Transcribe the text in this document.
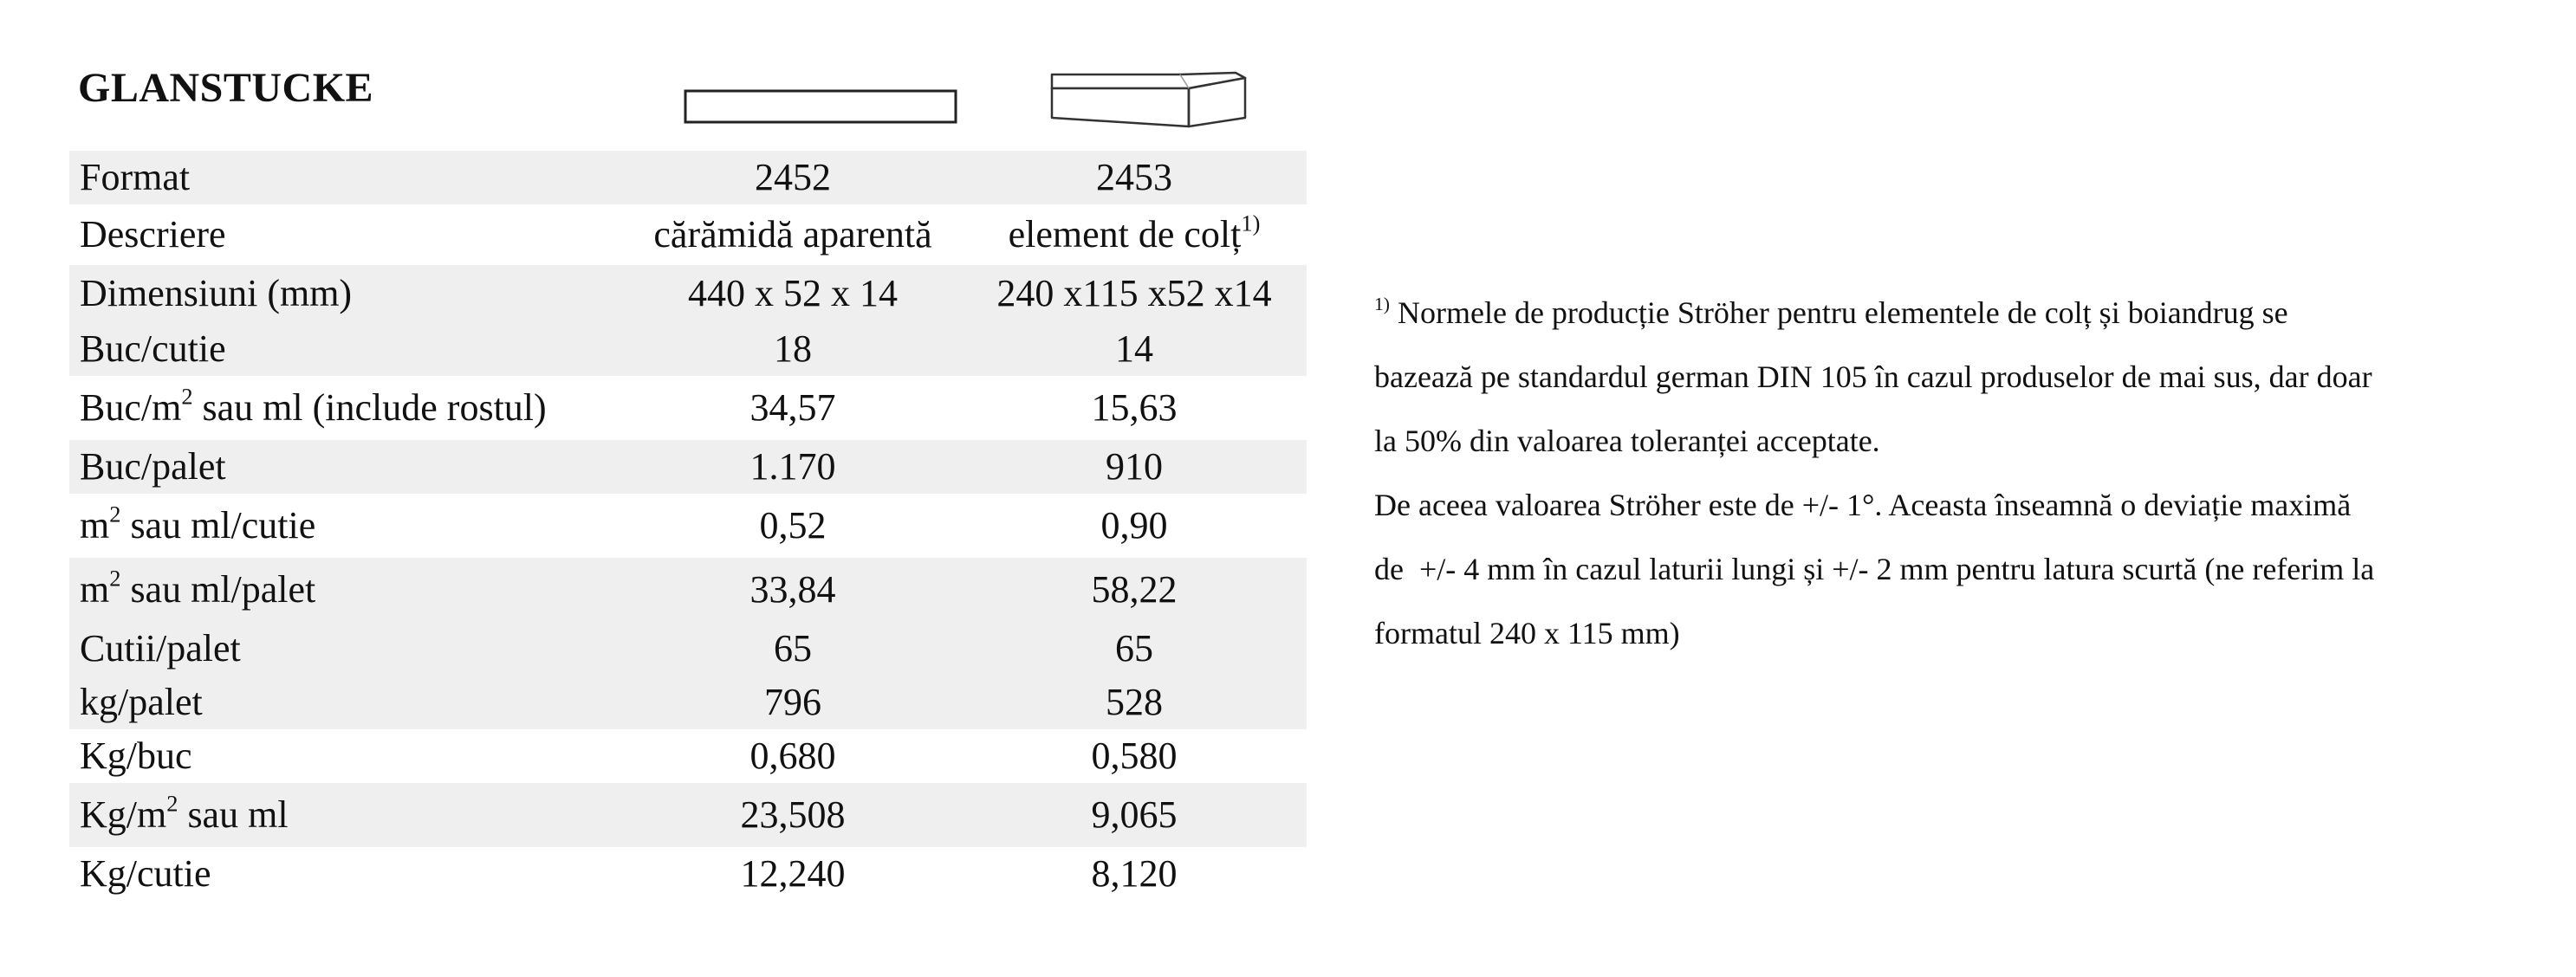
GLANSTUCKE
Format	2452	2453
Descriere	cărămidă aparentă	element de colț$^{1)}$
Dimensiuni (mm)	440 x 52 x 14	240 x115 x52 x14
Buc/cutie	18	14
Buc/$m^2$ sau ml (include rostul)	34,57	15,63
Buc/palet	1.170	910
$m^2$ sau ml/cutie	0,52	0,90
$m^2$ sau ml/palet	33,84	58,22
Cutii/palet	65	65
kg/palet	796	528
Kg/buc	0,680	0,580
$Kg/m^2$ sau ml	23,508	9,065
Kg/cutie	12,240	8,120

$^{1)}$ Normele de producție Ströher pentru elementele de colț și boiandrug se

bazează pe standardul german DIN 105 în cazul produselor de mai sus, dar doar

la 50% din valoarea toleranței acceptate.

De aceea valoarea Ströher este de +/- 1°. Aceasta înseamnă o deviație maximă

de  +/- 4 mm în cazul laturii lungi și +/- 2 mm pentru latura scurtă (ne referim la

formatul 240 x 115 mm)
